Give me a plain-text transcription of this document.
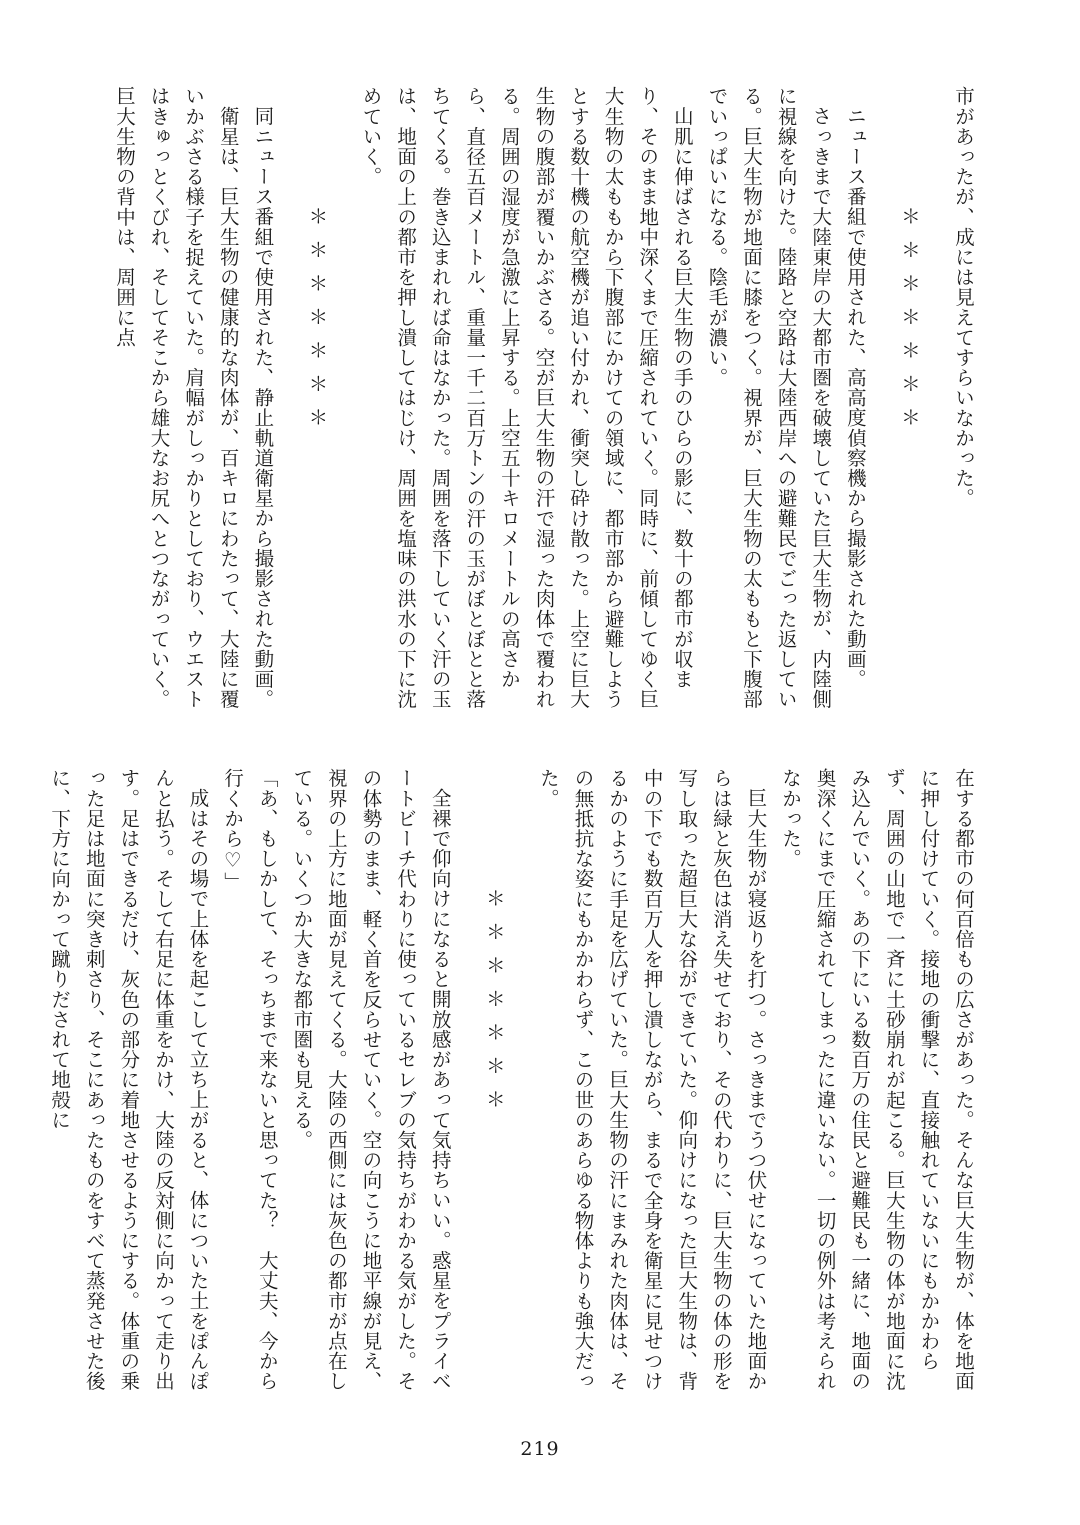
市があったが、成には見えてすらいなかった。

＊＊＊＊＊＊＊

ニュース番組で使用された、高高度偵察機から撮影された動画。

さっきまで大陸東岸の大都市圏を破壊していた巨大生物が、内陸側に視線を向けた。陸路と空路は大陸西岸への避難民でごった返している。巨大生物が地面に膝をつく。視界が、巨大生物の太ももと下腹部でいっぱいになる。陰毛が濃い。

山肌に伸ばされる巨大生物の手のひらの影に、数十の都市が収まり、そのまま地中深くまで圧縮されていく。同時に、前傾してゆく巨大生物の太ももから下腹部にかけての領域に、都市部から避難しようとする数十機の航空機が追い付かれ、衝突し砕け散った。上空に巨大生物の腹部が覆いかぶさる。空が巨大生物の汗で湿った肉体で覆われる。周囲の湿度が急激に上昇する。上空五十キロメートルの高さから、直径五百メートル、重量一千二百万トンの汗の玉がぼとぼとと落ちてくる。巻き込まれれば命はなかった。周囲を落下していく汗の玉は、地面の上の都市を押し潰してはじけ、周囲を塩味の洪水の下に沈めていく。

＊＊＊＊＊＊＊

同ニュース番組で使用された、静止軌道衛星から撮影された動画。

衛星は、巨大生物の健康的な肉体が、百キロにわたって、大陸に覆いかぶさる様子を捉えていた。肩幅がしっかりとしており、ウエストはきゅっとくびれ、そしてそこから雄大なお尻へとつながっていく。巨大生物の背中は、周囲に点

在する都市の何百倍もの広さがあった。そんな巨大生物が、体を地面に押し付けていく。接地の衝撃に、直接触れていないにもかかわらず、周囲の山地で一斉に土砂崩れが起こる。巨大生物の体が地面に沈み込んでいく。あの下にいる数百万の住民と避難民も一緒に、地面の奥深くにまで圧縮されてしまったに違いない。一切の例外は考えられなかった。

巨大生物が寝返りを打つ。さっきまでうつ伏せになっていた地面からは緑と灰色は消え失せており、その代わりに、巨大生物の体の形を写し取った超巨大な谷ができていた。仰向けになった巨大生物は、背中の下でも数百万人を押し潰しながら、まるで全身を衛星に見せつけるかのように手足を広げていた。巨大生物の汗にまみれた肉体は、その無抵抗な姿にもかかわらず、この世のあらゆる物体よりも強大だった。

＊＊＊＊＊＊＊

全裸で仰向けになると開放感があって気持ちいい。惑星をプライベートビーチ代わりに使っているセレブの気持ちがわかる気がした。その体勢のまま、軽く首を反らせていく。空の向こうに地平線が見え、視界の上方に地面が見えてくる。大陸の西側には灰色の都市が点在している。いくつか大きな都市圏も見える。

「あ、もしかして、そっちまで来ないと思ってた？　大丈夫、今から行くから♡」

成はその場で上体を起こして立ち上がると、体についた土をぽんぽんと払う。そして右足に体重をかけ、大陸の反対側に向かって走り出す。足はできるだけ、灰色の部分に着地させるようにする。体重の乗った足は地面に突き刺さり、そこにあったものをすべて蒸発させた後に、下方に向かって蹴りだされて地殻に

219
